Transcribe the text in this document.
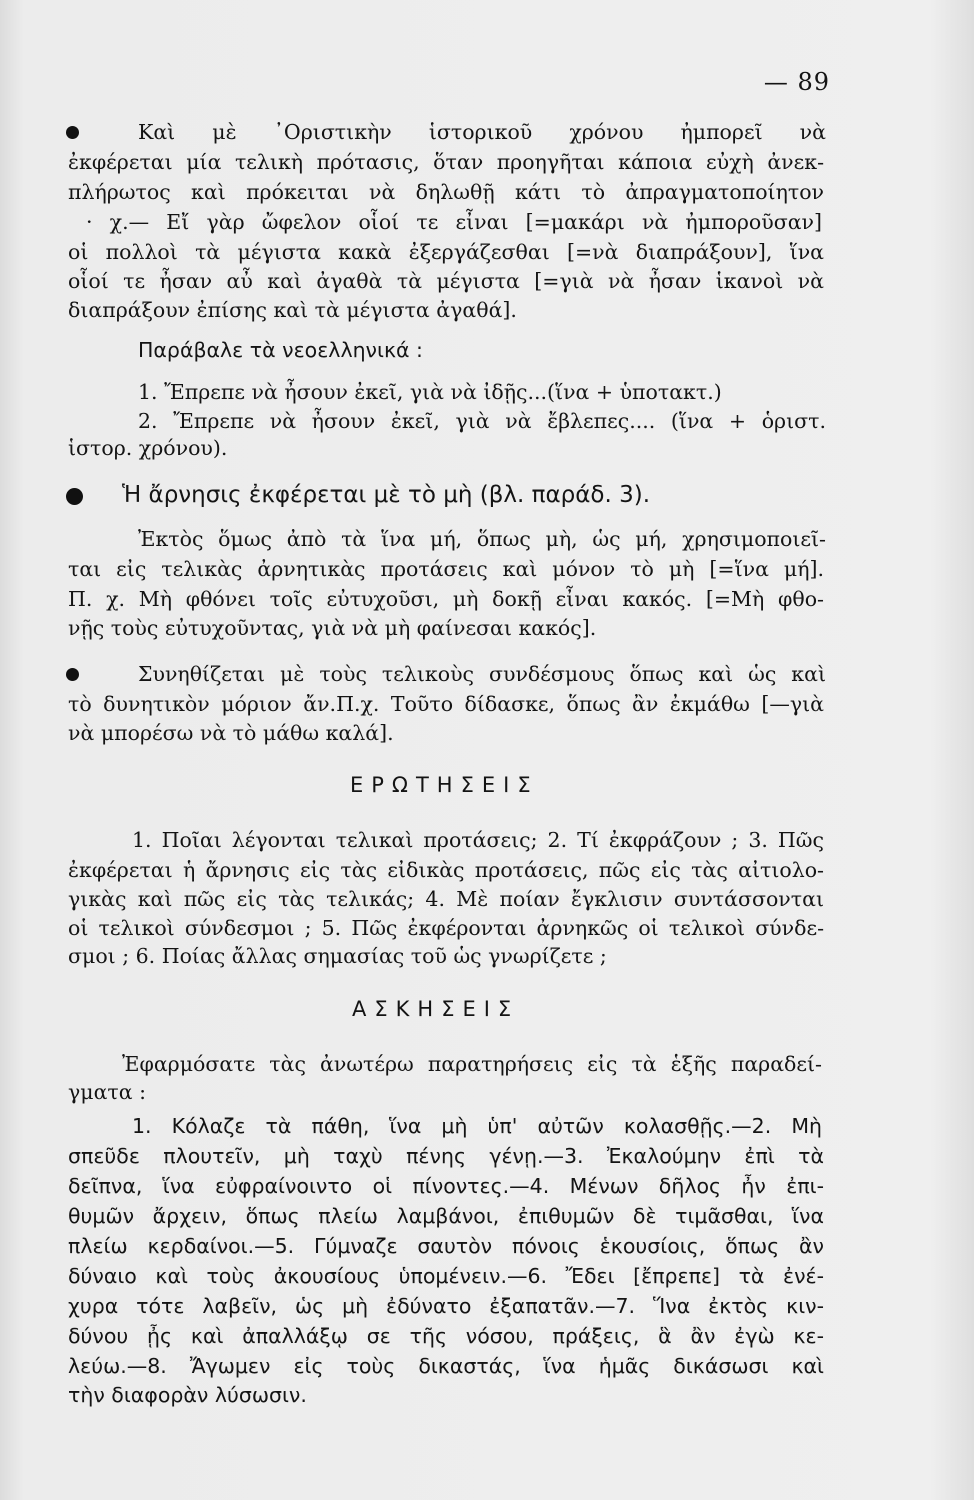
— 89
Καὶ μὲ ᾿Οριστικὴν ἱστορικοῦ χρόνου ἠμπορεῖ νὰ
ἐκφέρεται μία τελικὴ πρότασις, ὅταν προηγῆται κάποια εὐχὴ ἀνεκ-
πλήρωτος καὶ πρόκειται νὰ δηλωθῇ κάτι τὸ ἀπραγματοποίητον
· χ.— Εἴ γὰρ ὤφελον οἷοί τε εἶναι [=μακάρι νὰ ἠμποροῦσαν]
οἱ πολλοὶ τὰ μέγιστα κακὰ ἐξεργάζεσθαι [=νὰ διαπράξουν], ἵνα
οἷοί τε ἦσαν αὖ καὶ ἀγαθὰ τὰ μέγιστα [=γιὰ νὰ ἦσαν ἱκανοὶ νὰ
διαπράξουν ἐπίσης καὶ τὰ μέγιστα ἀγαθά].
Παράβαλε τὰ νεοελληνικά :
1. Ἔπρεπε νὰ ἦσουν ἐκεῖ, γιὰ νὰ ἰδῇς...(ἵνα + ὑποτακτ.)
2. Ἔπρεπε νὰ ἦσουν ἐκεῖ, γιὰ νὰ ἔβλεπες.... (ἵνα + ὁριστ.
ἱστορ. χρόνου).
Ἡ ἄρνησις ἐκφέρεται μὲ τὸ μὴ (βλ. παράδ. 3).
Ἐκτὸς ὅμως ἀπὸ τὰ ἵνα μή, ὅπως μὴ, ὡς μή, χρησιμοποιεῖ-
ται εἰς τελικὰς ἀρνητικὰς προτάσεις καὶ μόνον τὸ μὴ [=ἵνα μή].
Π. χ. Μὴ φθόνει τοῖς εὐτυχοῦσι, μὴ δοκῇ εἶναι κακός. [=Μὴ φθο-
νῇς τοὺς εὐτυχοῦντας, γιὰ νὰ μὴ φαίνεσαι κακός].
Συνηθίζεται μὲ τοὺς τελικοὺς συνδέσμους ὅπως καὶ ὡς καὶ
τὸ δυνητικὸν μόριον ἄν.Π.χ. Τοῦτο δίδασκε, ὅπως ἂν ἐκμάθω [—γιὰ
νὰ μπορέσω νὰ τὸ μάθω καλά].
ΕΡΩΤΗΣΕΙΣ
1. Ποῖαι λέγονται τελικαὶ προτάσεις; 2. Τί ἐκφράζουν ; 3. Πῶς
ἐκφέρεται ἡ ἄρνησις εἰς τὰς εἰδικὰς προτάσεις, πῶς εἰς τὰς αἰτιολο-
γικὰς καὶ πῶς εἰς τὰς τελικάς; 4. Μὲ ποίαν ἔγκλισιν συντάσσονται
οἱ τελικοὶ σύνδεσμοι ; 5. Πῶς ἐκφέρονται ἀρνηκῶς οἱ τελικοὶ σύνδε-
σμοι ; 6. Ποίας ἄλλας σημασίας τοῦ ὡς γνωρίζετε ;
ΑΣΚΗΣΕΙΣ
Ἐφαρμόσατε τὰς ἀνωτέρω παρατηρήσεις εἰς τὰ ἑξῆς παραδεί-
γματα :
1. Κόλαζε τὰ πάθη, ἵνα μὴ ὑπ' αὐτῶν κολασθῇς.—2. Μὴ
σπεῦδε πλουτεῖν, μὴ ταχὺ πένης γένῃ.—3. Ἐκαλούμην ἐπὶ τὰ
δεῖπνα, ἵνα εὐφραίνοιντο οἱ πίνοντες.—4. Μένων δῆλος ἦν ἐπι-
θυμῶν ἄρχειν, ὅπως πλείω λαμβάνοι, ἐπιθυμῶν δὲ τιμᾶσθαι, ἵνα
πλείω κερδαίνοι.—5. Γύμναζε σαυτὸν πόνοις ἑκουσίοις, ὅπως ἂν
δύναιο καὶ τοὺς ἀκουσίους ὑπομένειν.—6. Ἔδει [ἔπρεπε] τὰ ἐνέ-
χυρα τότε λαβεῖν, ὡς μὴ ἐδύνατο ἐξαπατᾶν.—7. Ἵνα ἐκτὸς κιν-
δύνου ᾖς καὶ ἀπαλλάξῳ σε τῆς νόσου, πράξεις, ἃ ἂν ἐγὼ κε-
λεύω.—8. Ἄγωμεν εἰς τοὺς δικαστάς, ἵνα ἡμᾶς δικάσωσι καὶ
τὴν διαφορὰν λύσωσιν.
